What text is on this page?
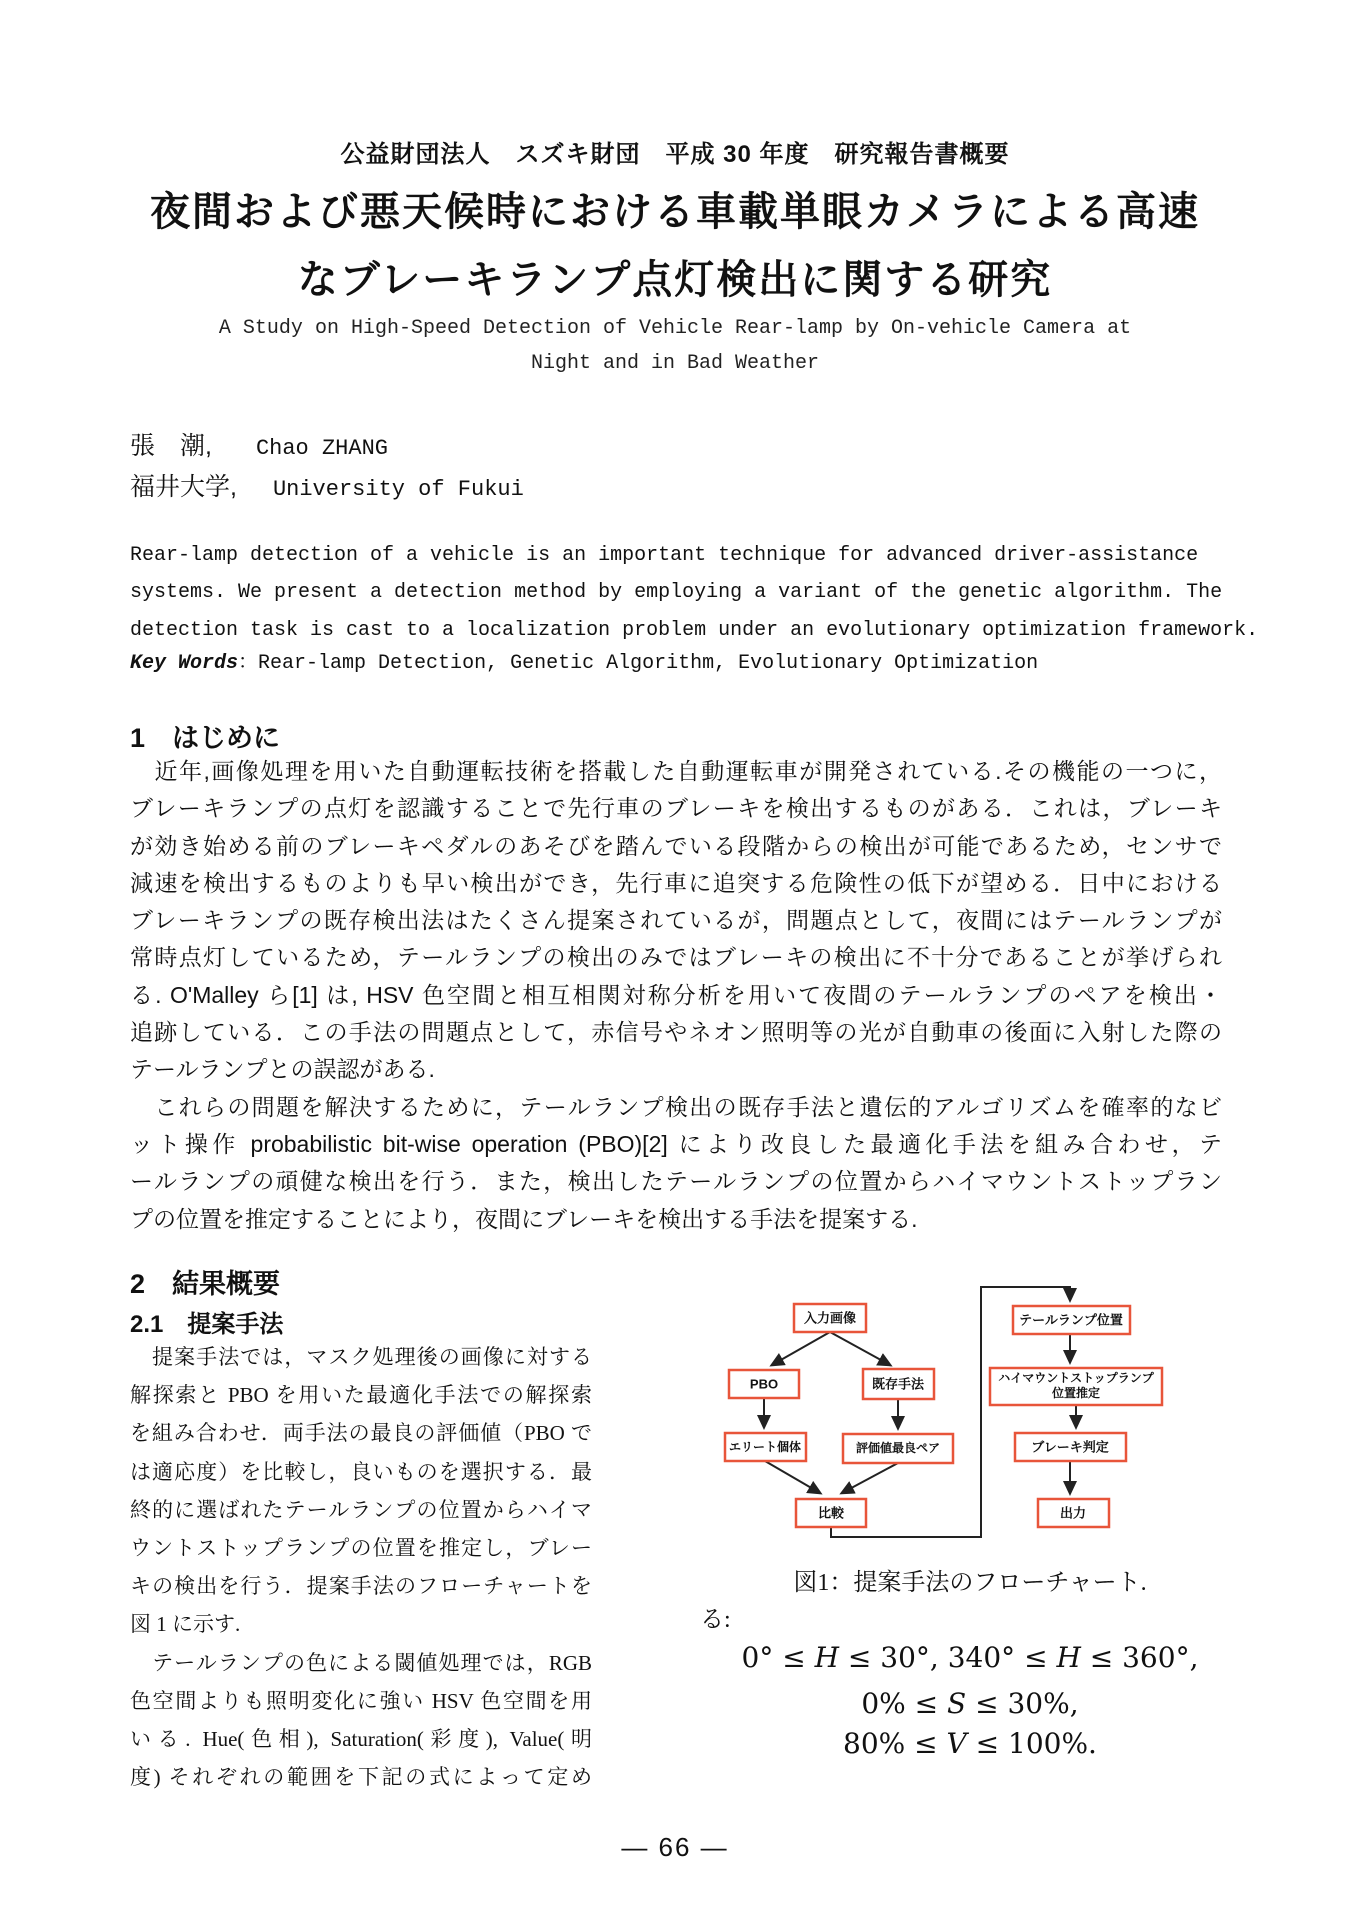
公益財団法人　スズキ財団　平成 30 年度　研究報告書概要
夜間および悪天候時における車載単眼カメラによる高速
なブレーキランプ点灯検出に関する研究
A Study on High-Speed Detection of Vehicle Rear-lamp by On-vehicle Camera at
Night and in Bad Weather
張　潮, Chao ZHANG
福井大学, University of Fukui
Rear-lamp detection of a vehicle is an important technique for advanced driver-assistance
systems. We present a detection method by employing a variant of the genetic algorithm. The
detection task is cast to a localization problem under an evolutionary optimization framework.
Key Words：Rear-lamp Detection, Genetic Algorithm, Evolutionary Optimization
1　はじめに
　近年,画像処理を用いた自動運転技術を搭載した自動運転車が開発されている.その機能の一つに，
ブレーキランプの点灯を認識することで先行車のブレーキを検出するものがある．これは，ブレーキ
が効き始める前のブレーキペダルのあそびを踏んでいる段階からの検出が可能であるため，センサで
減速を検出するものよりも早い検出ができ，先行車に追突する危険性の低下が望める．日中における
ブレーキランプの既存検出法はたくさん提案されているが，問題点として，夜間にはテールランプが
常時点灯しているため，テールランプの検出のみではブレーキの検出に不十分であることが挙げられ
る. O'Malley ら[1] は, HSV 色空間と相互相関対称分析を用いて夜間のテールランプのペアを検出・
追跡している．この手法の問題点として，赤信号やネオン照明等の光が自動車の後面に入射した際の
テールランプとの誤認がある.
　これらの問題を解決するために，テールランプ検出の既存手法と遺伝的アルゴリズムを確率的なビ
ット操作 probabilistic bit-wise operation (PBO)[2] により改良した最適化手法を組み合わせ，テ
ールランプの頑健な検出を行う．また，検出したテールランプの位置からハイマウントストップラン
プの位置を推定することにより，夜間にブレーキを検出する手法を提案する.
2　結果概要
2.1　提案手法
　提案手法では，マスク処理後の画像に対する
解探索と PBO を用いた最適化手法での解探索
を組み合わせ．両手法の最良の評価値（PBO で
は適応度）を比較し，良いものを選択する．最
終的に選ばれたテールランプの位置からハイマ
ウントストップランプの位置を推定し，ブレー
キの検出を行う．提案手法のフローチャートを
図 1 に示す.
　テールランプの色による閾値処理では，RGB
色空間よりも照明変化に強い HSV 色空間を用
いる. Hue(色相), Saturation(彩度), Value(明
度) それぞれの範囲を下記の式によって定め
入力画像
PBO	既存手法
エリート個体	評価値最良ペア
比較
テールランプ位置
ハイマウントストップランプ
位置推定
ブレーキ判定
出力
図1：提案手法のフローチャート.
る:
0° ≤ H ≤ 30°, 340° ≤ H ≤ 360°,
0% ≤ S ≤ 30%,
80% ≤ V ≤ 100%.
— 66 —
